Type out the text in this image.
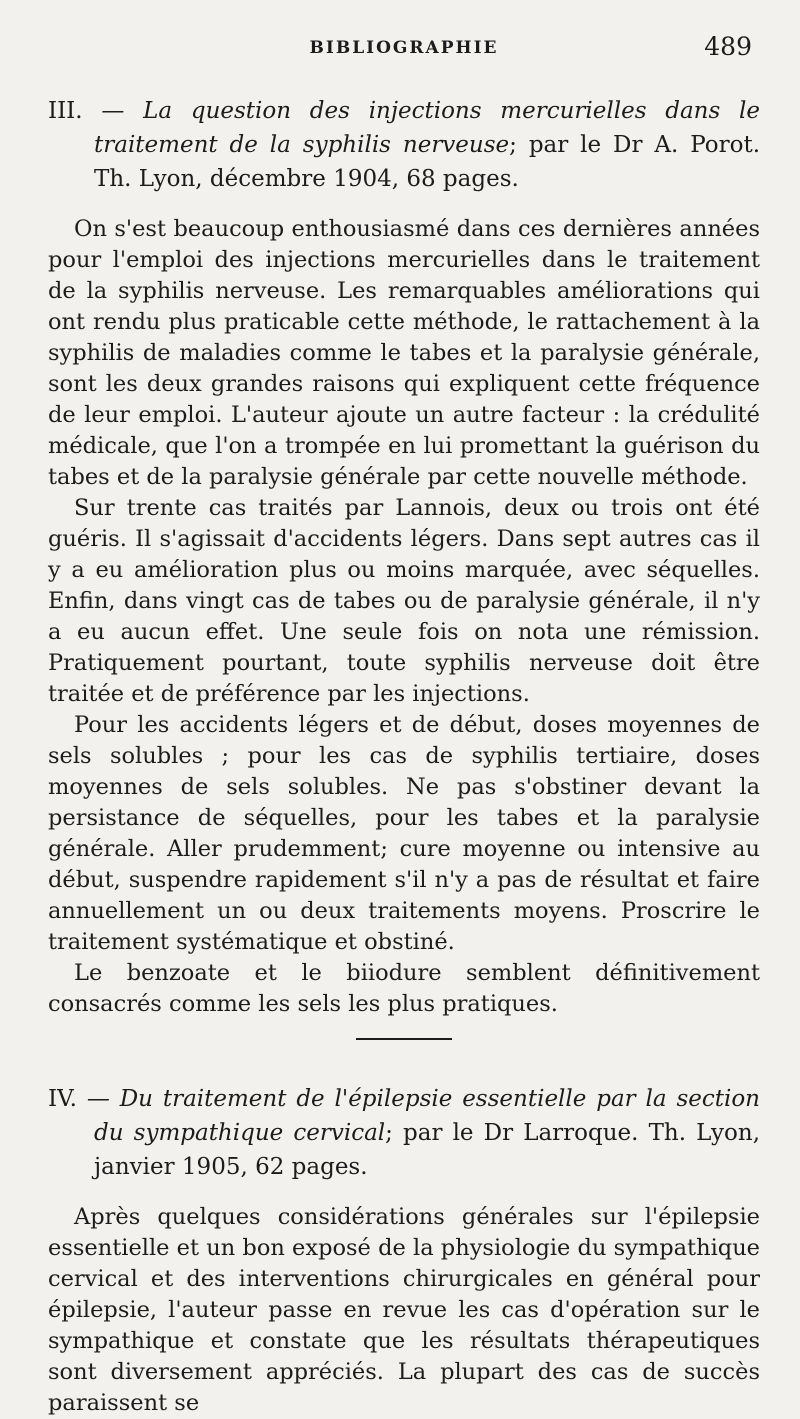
BIBLIOGRAPHIE	489
III. — La question des injections mercurielles dans le traitement de la syphilis nerveuse; par le Dr A. Porot. Th. Lyon, décembre 1904, 68 pages.

On s'est beaucoup enthousiasmé dans ces dernières années pour l'emploi des injections mercurielles dans le traitement de la syphilis nerveuse. Les remarquables améliorations qui ont rendu plus praticable cette méthode, le rattachement à la syphilis de maladies comme le tabes et la paralysie générale, sont les deux grandes raisons qui expliquent cette fréquence de leur emploi. L'auteur ajoute un autre facteur : la crédulité médicale, que l'on a trompée en lui promettant la guérison du tabes et de la paralysie générale par cette nouvelle méthode.

Sur trente cas traités par Lannois, deux ou trois ont été guéris. Il s'agissait d'accidents légers. Dans sept autres cas il y a eu amélioration plus ou moins marquée, avec séquelles. Enfin, dans vingt cas de tabes ou de paralysie générale, il n'y a eu aucun effet. Une seule fois on nota une rémission. Pratiquement pourtant, toute syphilis nerveuse doit être traitée et de préférence par les injections.

Pour les accidents légers et de début, doses moyennes de sels solubles ; pour les cas de syphilis tertiaire, doses moyennes de sels solubles. Ne pas s'obstiner devant la persistance de séquelles, pour les tabes et la paralysie générale. Aller prudemment; cure moyenne ou intensive au début, suspendre rapidement s'il n'y a pas de résultat et faire annuellement un ou deux traitements moyens. Proscrire le traitement systématique et obstiné.

Le benzoate et le biiodure semblent définitivement consacrés comme les sels les plus pratiques.

IV. — Du traitement de l'épilepsie essentielle par la section du sympathique cervical; par le Dr Larroque. Th. Lyon, janvier 1905, 62 pages.

Après quelques considérations générales sur l'épilepsie essentielle et un bon exposé de la physiologie du sympathique cervical et des interventions chirurgicales en général pour épilepsie, l'auteur passe en revue les cas d'opération sur le sympathique et constate que les résultats thérapeutiques sont diversement appréciés. La plupart des cas de succès paraissent se
